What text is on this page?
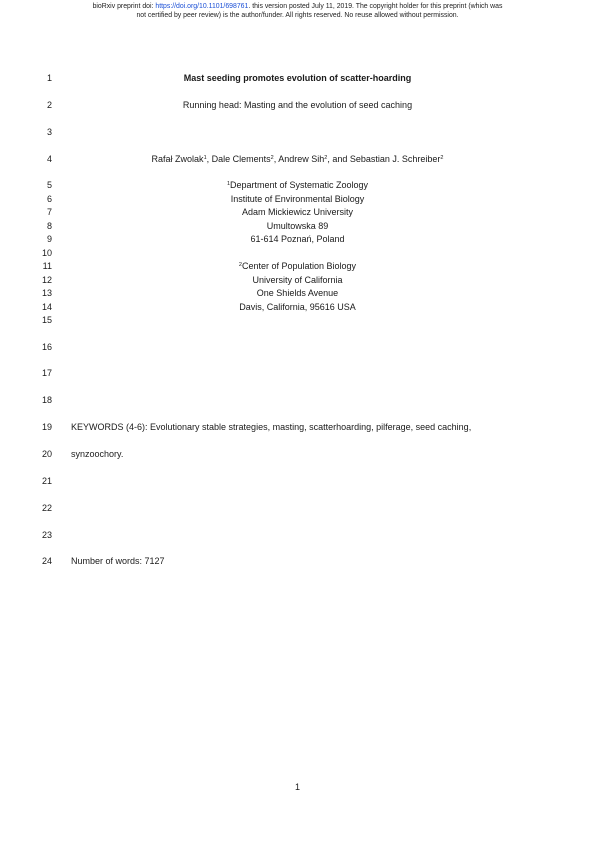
bioRxiv preprint doi: https://doi.org/10.1101/698761. this version posted July 11, 2019. The copyright holder for this preprint (which was
not certified by peer review) is the author/funder. All rights reserved. No reuse allowed without permission.
1
2
3
4
5
6
7
8
9
10
11
12
13
14
15
16
17
18
19
20
21
22
23
24
Mast seeding promotes evolution of scatter-hoarding
Running head: Masting and the evolution of seed caching
Rafał Zwolak$^1$, Dale Clements$^2$, Andrew Sih$^2$, and Sebastian J. Schreiber$^2$
$^1$Department of Systematic Zoology
Institute of Environmental Biology
Adam Mickiewicz University
Umultowska 89
61-614 Poznań, Poland
$^2$Center of Population Biology
University of California
One Shields Avenue
Davis, California, 95616 USA
KEYWORDS (4-6): Evolutionary stable strategies, masting, scatterhoarding, pilferage, seed caching,
synzoochory.
Number of words: 7127
1
